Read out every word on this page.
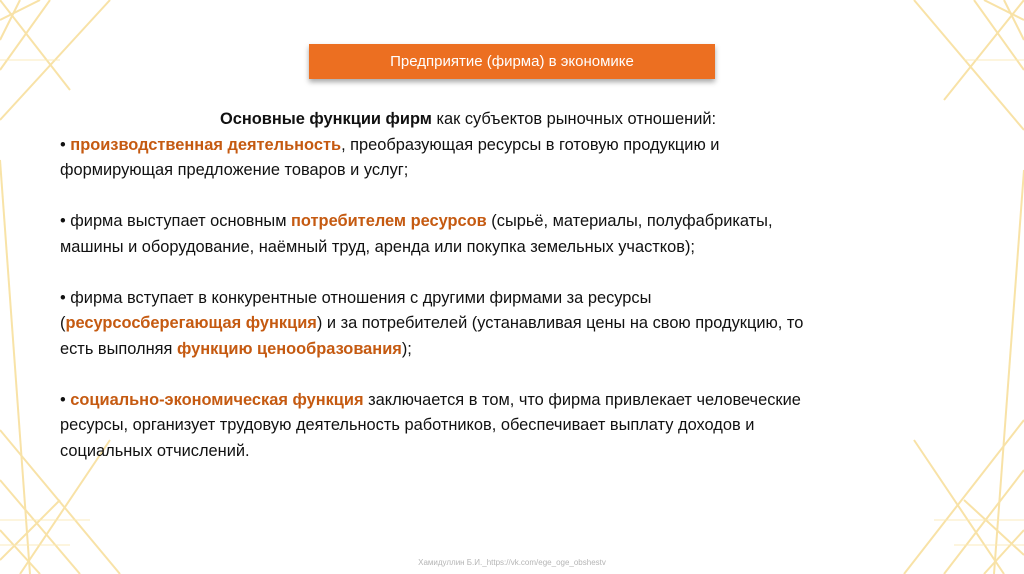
Предприятие (фирма) в экономике

Основные функции фирм как субъектов рыночных отношений:

• производственная деятельность, преобразующая ресурсы в готовую продукцию и

формирующая предложение товаров и услуг;

• фирма выступает основным потребителем ресурсов (сырьё, материалы, полуфабрикаты,

машины и оборудование, наёмный труд, аренда или покупка земельных участков);

• фирма вступает в конкурентные отношения с другими фирмами за ресурсы

(ресурсосберегающая функция) и за потребителей (устанавливая цены на свою продукцию, то

есть выполняя функцию ценообразования);

• социально-экономическая функция заключается в том, что фирма привлекает человеческие

ресурсы, организует трудовую деятельность работников, обеспечивает выплату доходов и

социальных отчислений.

Хамидуллин Б.И._https://vk.com/ege_oge_obshestv
